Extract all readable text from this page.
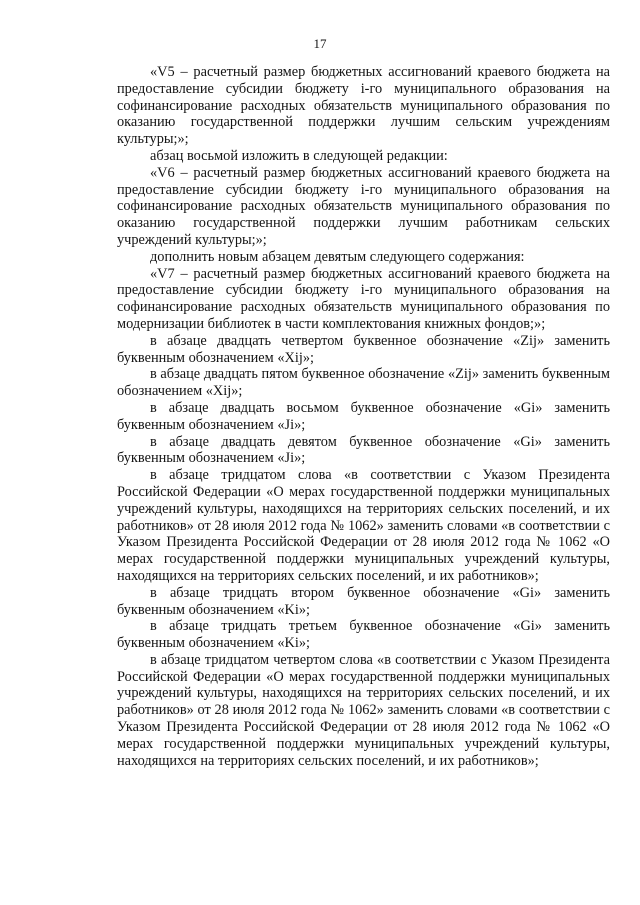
17

«V5 – расчетный размер бюджетных ассигнований краевого бюджета на предоставление субсидии бюджету i-го муниципального образования на софинансирование расходных обязательств муниципального образования по оказанию государственной поддержки лучшим сельским учреждениям культуры;»;

абзац восьмой изложить в следующей редакции:

«V6 – расчетный размер бюджетных ассигнований краевого бюджета на предоставление субсидии бюджету i-го муниципального образования на софинансирование расходных обязательств муниципального образования по оказанию государственной поддержки лучшим работникам сельских учреждений культуры;»;

дополнить новым абзацем девятым следующего содержания:

«V7 – расчетный размер бюджетных ассигнований краевого бюджета на предоставление субсидии бюджету i-го муниципального образования на софинансирование расходных обязательств муниципального образования по модернизации библиотек в части комплектования книжных фондов;»;

в абзаце двадцать четвертом буквенное обозначение «Zij» заменить буквенным обозначением «Xij»;

в абзаце двадцать пятом буквенное обозначение «Zij» заменить буквенным обозначением «Xij»;

в абзаце двадцать восьмом буквенное обозначение «Gi» заменить буквенным обозначением «Ji»;

в абзаце двадцать девятом буквенное обозначение «Gi» заменить буквенным обозначением «Ji»;

в абзаце тридцатом слова «в соответствии с Указом Президента Российской Федерации «О мерах государственной поддержки муниципальных учреждений культуры, находящихся на территориях сельских поселений, и их работников» от 28 июля 2012 года № 1062» заменить словами «в соответствии с Указом Президента Российской Федерации от 28 июля 2012 года № 1062 «О мерах государственной поддержки муниципальных учреждений культуры, находящихся на территориях сельских поселений, и их работников»;

в абзаце тридцать втором буквенное обозначение «Gi» заменить буквенным обозначением «Ki»;

в абзаце тридцать третьем буквенное обозначение «Gi» заменить буквенным обозначением «Ki»;

в абзаце тридцатом четвертом слова «в соответствии с Указом Президента Российской Федерации «О мерах государственной поддержки муниципальных учреждений культуры, находящихся на территориях сельских поселений, и их работников» от 28 июля 2012 года № 1062» заменить словами «в соответствии с Указом Президента Российской Федерации от 28 июля 2012 года № 1062 «О мерах государственной поддержки муниципальных учреждений культуры, находящихся на территориях сельских поселений, и их работников»;
